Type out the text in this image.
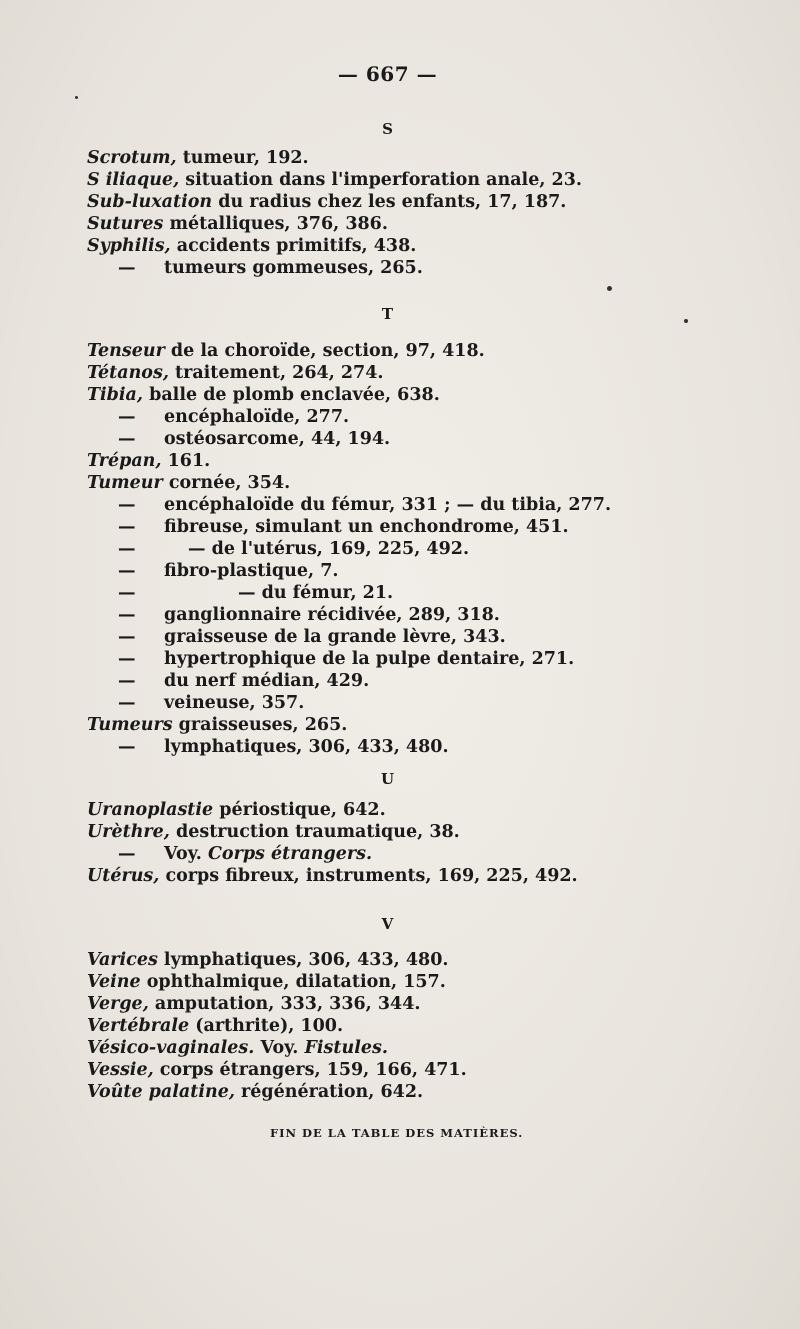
— 667 —
S
Scrotum, tumeur, 192.
S iliaque, situation dans l'imperforation anale, 23.
Sub-luxation du radius chez les enfants, 17, 187.
Sutures métalliques, 376, 386.
Syphilis, accidents primitifs, 438.
— tumeurs gommeuses, 265.
T
Tenseur de la choroïde, section, 97, 418.
Tétanos, traitement, 264, 274.
Tibia, balle de plomb enclavée, 638.
— encéphaloïde, 277.
— ostéosarcome, 44, 194.
Trépan, 161.
Tumeur cornée, 354.
— encéphaloïde du fémur, 331 ; — du tibia, 277.
— fibreuse, simulant un enchondrome, 451.
—	— de l'utérus, 169, 225, 492.
— fibro-plastique, 7.
—	— du fémur, 21.
— ganglionnaire récidivée, 289, 318.
— graisseuse de la grande lèvre, 343.
— hypertrophique de la pulpe dentaire, 271.
— du nerf médian, 429.
— veineuse, 357.
Tumeurs graisseuses, 265.
— lymphatiques, 306, 433, 480.
U
Uranoplastie périostique, 642.
Urèthre, destruction traumatique, 38.
— Voy. Corps étrangers.
Utérus, corps fibreux, instruments, 169, 225, 492.
V
Varices lymphatiques, 306, 433, 480.
Veine ophthalmique, dilatation, 157.
Verge, amputation, 333, 336, 344.
Vertébrale (arthrite), 100.
Vésico-vaginales. Voy. Fistules.
Vessie, corps étrangers, 159, 166, 471.
Voûte palatine, régénération, 642.
FIN DE LA TABLE DES MATIÈRES.
